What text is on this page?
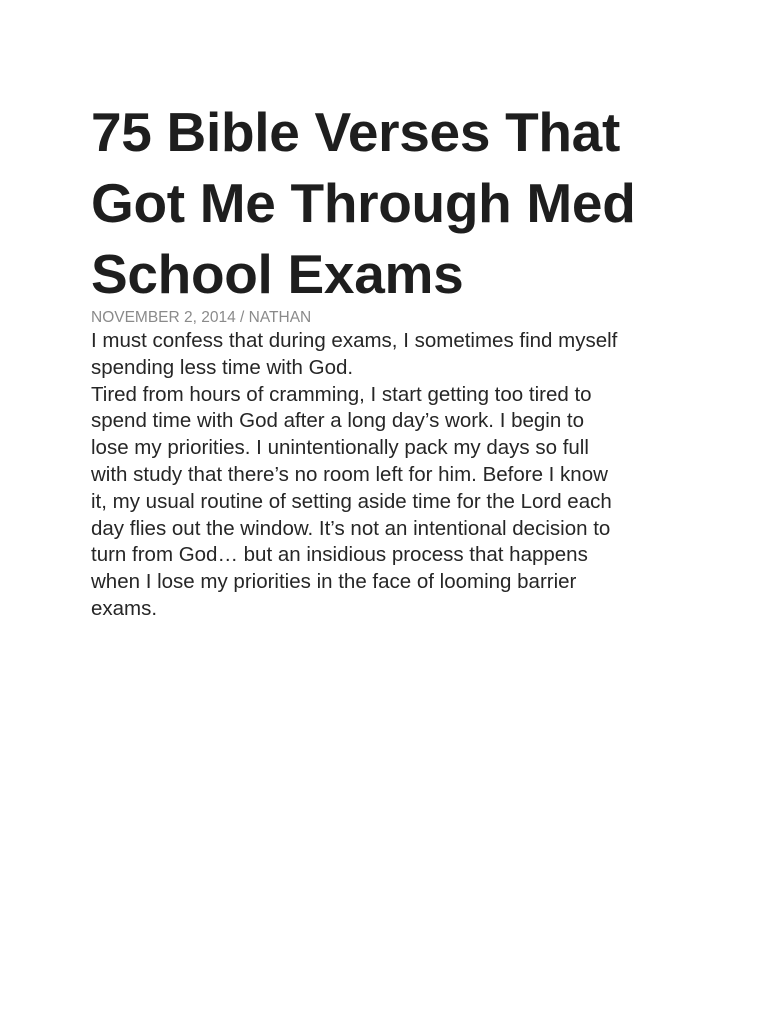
75 Bible Verses That
Got Me Through Med
School Exams
NOVEMBER 2, 2014 / NATHAN

I must confess that during exams, I sometimes find myself
spending less time with God.

Tired from hours of cramming, I start getting too tired to
spend time with God after a long day’s work. I begin to
lose my priorities. I unintentionally pack my days so full
with study that there’s no room left for him. Before I know
it, my usual routine of setting aside time for the Lord each
day flies out the window. It’s not an intentional decision to
turn from God… but an insidious process that happens
when I lose my priorities in the face of looming barrier
exams.
